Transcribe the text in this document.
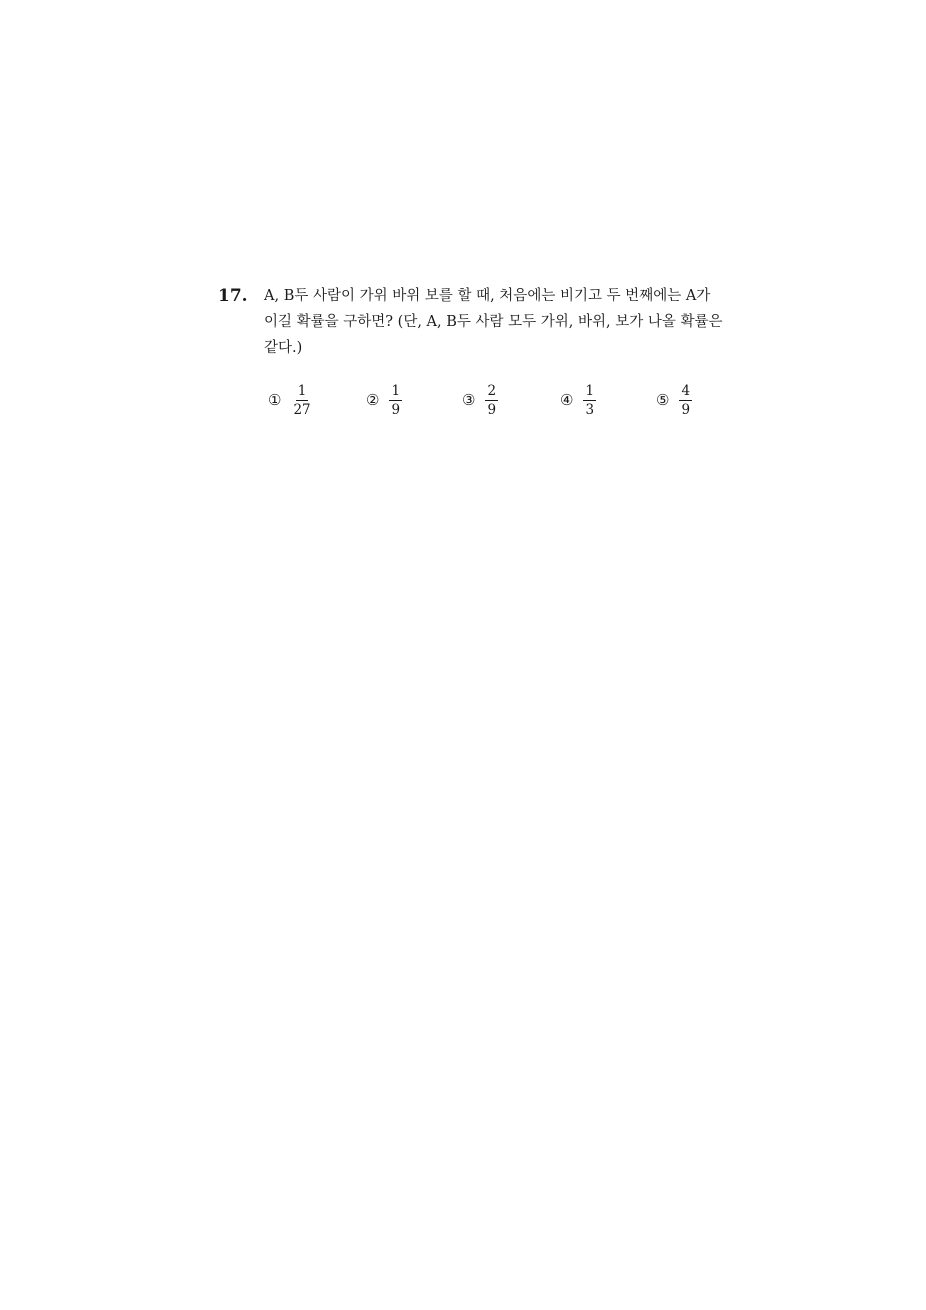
17. A, B두 사람이 가위 바위 보를 할 때, 처음에는 비기고 두 번째에는 A가
이길 확률을 구하면? (단, A, B두 사람 모두 가위, 바위, 보가 나올 확률은
같다.)
① $\frac{1}{27}$	② $\frac{1}{9}$	③ $\frac{2}{9}$	④ $\frac{1}{3}$	⑤ $\frac{4}{9}$
